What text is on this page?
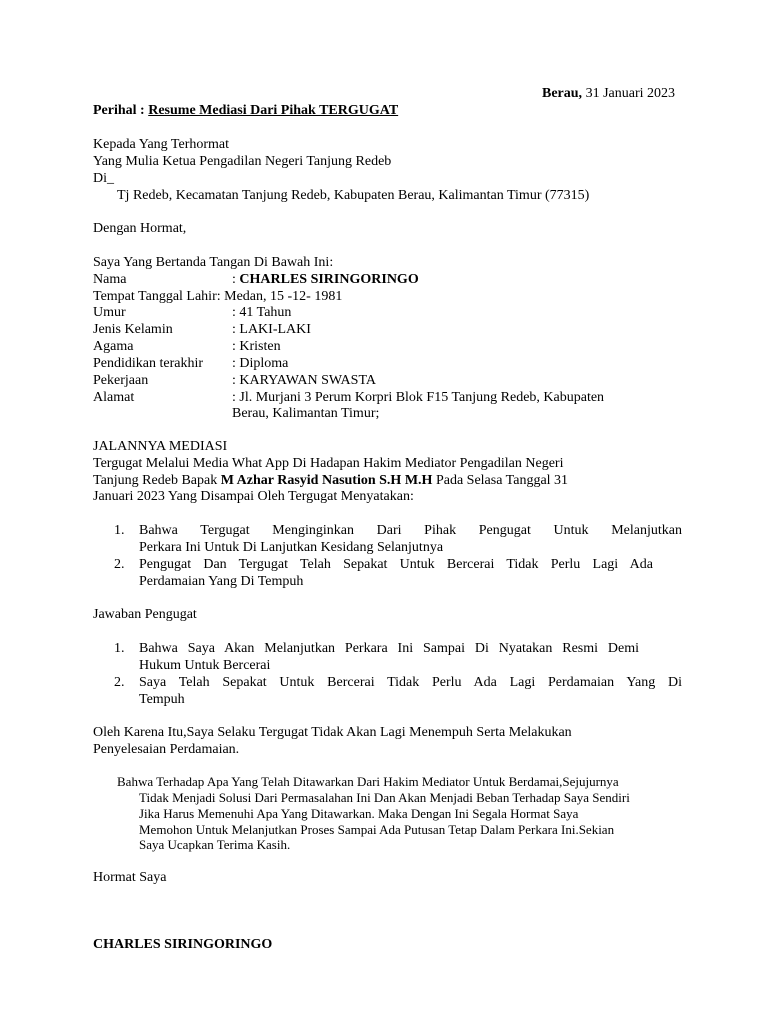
Berau, 31 Januari 2023
Perihal : Resume Mediasi Dari Pihak TERGUGAT
Kepada Yang Terhormat
Yang Mulia Ketua Pengadilan Negeri Tanjung Redeb
Di_
Tj Redeb, Kecamatan Tanjung Redeb, Kabupaten Berau, Kalimantan Timur (77315)
Dengan Hormat,
Saya Yang Bertanda Tangan Di Bawah Ini:
Nama	: CHARLES SIRINGORINGO
Tempat Tanggal Lahir: Medan, 15 -12- 1981
Umur	: 41 Tahun
Jenis Kelamin	: LAKI-LAKI
Agama	: Kristen
Pendidikan terakhir : Diploma
Pekerjaan	: KARYAWAN SWASTA
Alamat	: Jl. Murjani 3 Perum Korpri Blok F15 Tanjung Redeb, Kabupaten
Berau, Kalimantan Timur;
JALANNYA MEDIASI
Tergugat Melalui Media What App Di Hadapan Hakim Mediator Pengadilan Negeri
Tanjung Redeb Bapak M Azhar Rasyid Nasution S.H M.H Pada Selasa Tanggal 31
Januari 2023 Yang Disampai Oleh Tergugat Menyatakan:
1. Bahwa Tergugat Menginginkan Dari Pihak Pengugat Untuk Melanjutkan
Perkara Ini Untuk Di Lanjutkan Kesidang Selanjutnya
2. Pengugat Dan Tergugat Telah Sepakat Untuk Bercerai Tidak Perlu Lagi Ada
Perdamaian Yang Di Tempuh
Jawaban Pengugat
1. Bahwa Saya Akan Melanjutkan Perkara Ini Sampai Di Nyatakan Resmi Demi
Hukum Untuk Bercerai
2. Saya Telah Sepakat Untuk Bercerai Tidak Perlu Ada Lagi Perdamaian Yang Di
Tempuh
Oleh Karena Itu,Saya Selaku Tergugat Tidak Akan Lagi Menempuh Serta Melakukan
Penyelesaian Perdamaian.
Bahwa Terhadap Apa Yang Telah Ditawarkan Dari Hakim Mediator Untuk Berdamai,Sejujurnya
Tidak Menjadi Solusi Dari Permasalahan Ini Dan Akan Menjadi Beban Terhadap Saya Sendiri
Jika Harus Memenuhi Apa Yang Ditawarkan. Maka Dengan Ini Segala Hormat Saya
Memohon Untuk Melanjutkan Proses Sampai Ada Putusan Tetap Dalam Perkara Ini.Sekian
Saya Ucapkan Terima Kasih.
Hormat Saya
CHARLES SIRINGORINGO
